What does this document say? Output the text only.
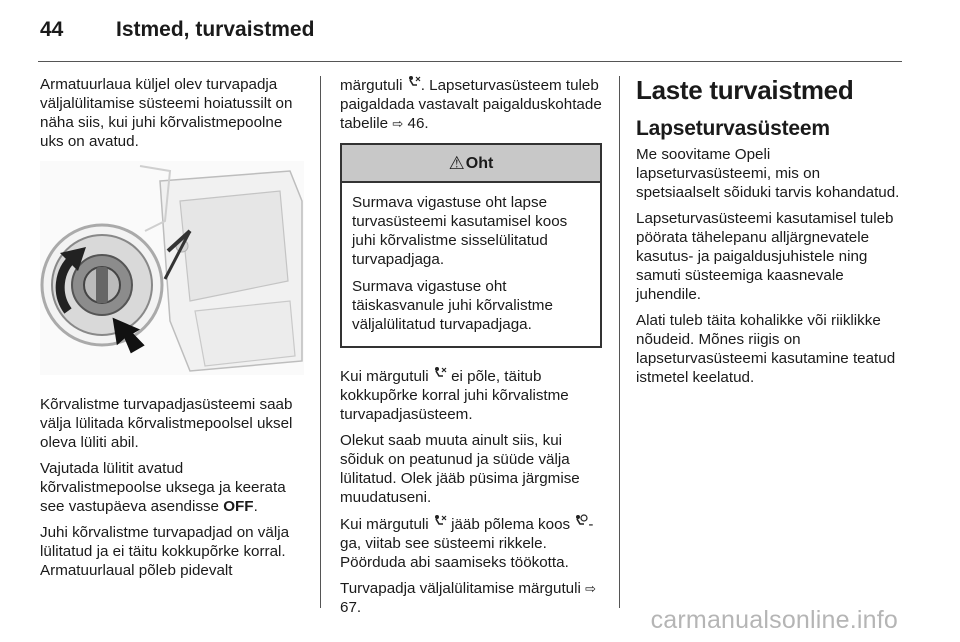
44	Istmed, turvaistmed

Armatuurlaua küljel olev turvapadja väljalülitamise süsteemi hoiatussilt on näha siis, kui juhi kõrvalistmepoolne uks on avatud.

Kõrvalistme turvapadjasüsteemi saab välja lülitada kõrvalistmepoolsel uksel oleva lüliti abil.

Vajutada lülitit avatud kõrvalistmepoolse uksega ja keerata see vastupäeva asendisse OFF.

Juhi kõrvalistme turvapadjad on välja lülitatud ja ei täitu kokkupõrke korral. Armatuurlaual põleb pidevalt

märgutuli . Lapseturvasüsteem tuleb paigaldada vastavalt paigalduskohtade tabelile ⇨ 46.

⚠ Oht

Surmava vigastuse oht lapse turvasüsteemi kasutamisel koos juhi kõrvalistme sisselülitatud turvapadjaga.

Surmava vigastuse oht täiskasvanule juhi kõrvalistme väljalülitatud turvapadjaga.

Kui märgutuli  ei põle, täitub kokkupõrke korral juhi kõrvalistme turvapadjasüsteem.

Olekut saab muuta ainult siis, kui sõiduk on peatunud ja süüde välja lülitatud. Olek jääb püsima järgmise muudatuseni.

Kui märgutuli  jääb põlema koos -ga, viitab see süsteemi rikkele. Pöörduda abi saamiseks töökotta.

Turvapadja väljalülitamise märgutuli ⇨ 67.

Laste turvaistmed
Lapseturvasüsteem

Me soovitame Opeli lapseturvasüsteemi, mis on spetsiaalselt sõiduki tarvis kohandatud.

Lapseturvasüsteemi kasutamisel tuleb pöörata tähelepanu alljärgnevatele kasutus- ja paigaldusjuhistele ning samuti süsteemiga kaasnevale juhendile.

Alati tuleb täita kohalikke või riiklikke nõudeid. Mõnes riigis on lapseturvasüsteemi kasutamine teatud istmetel keelatud.

carmanualsonline.info
